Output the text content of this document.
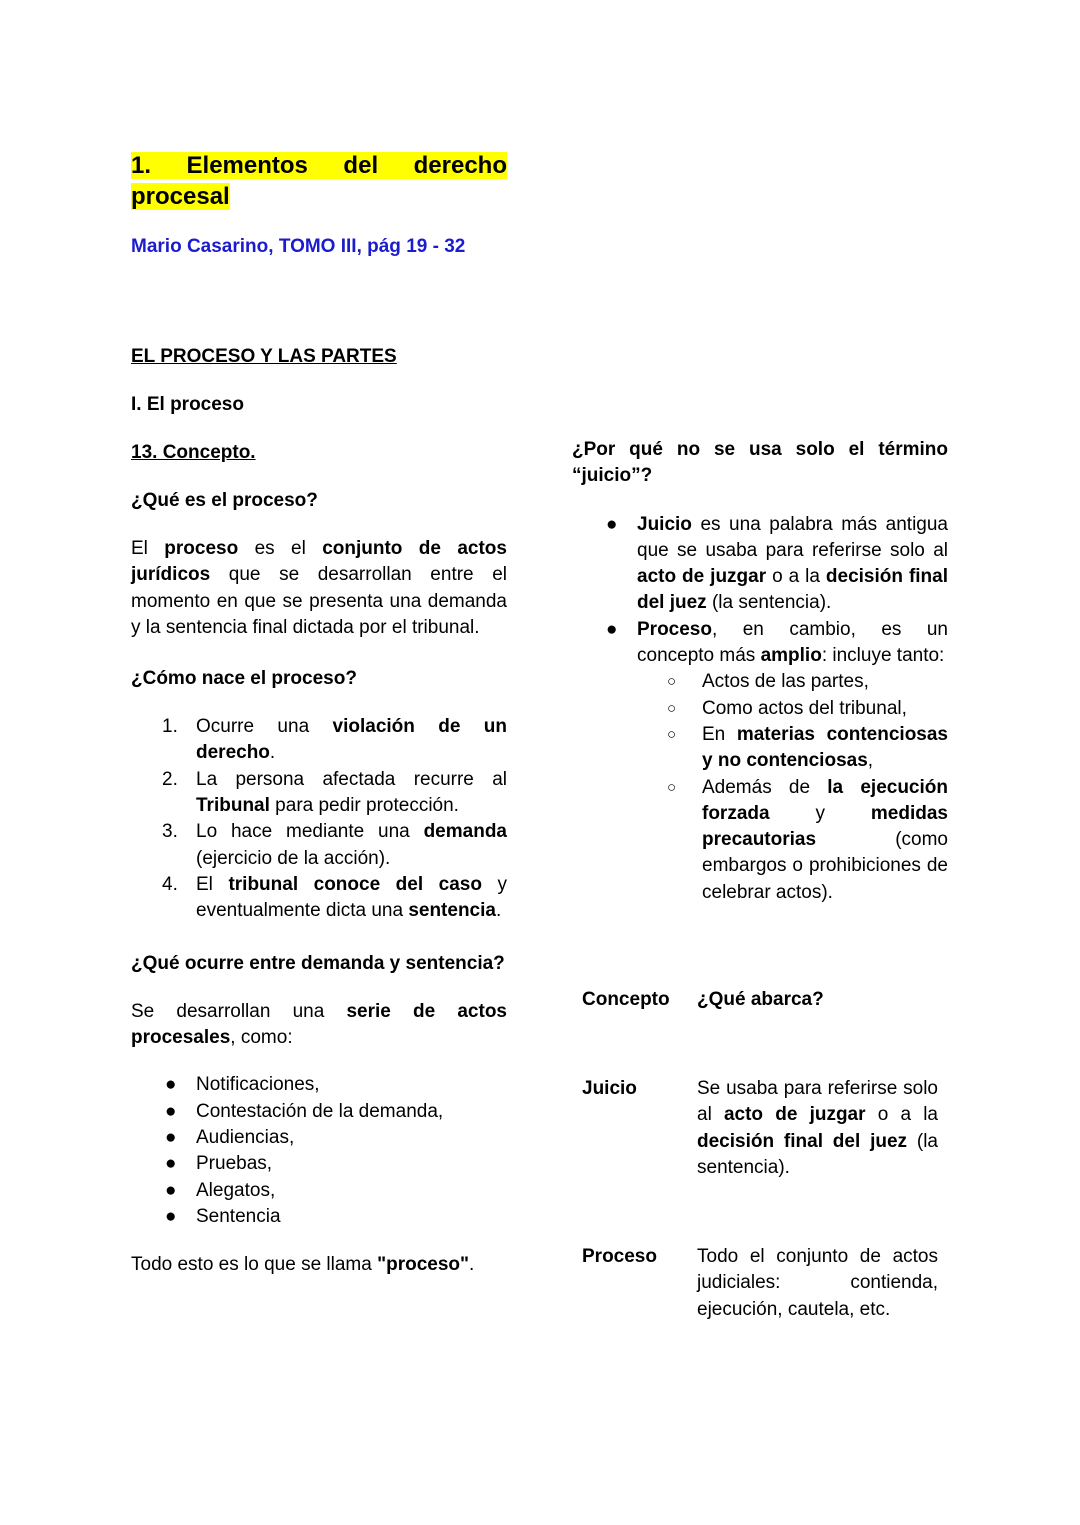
1. Elementos del derecho procesal
Mario Casarino, TOMO III, pág 19 - 32
EL PROCESO Y LAS PARTES
I. El proceso
13. Concepto.
¿Qué es el proceso?
El proceso es el conjunto de actos jurídicos que se desarrollan entre el momento en que se presenta una demanda y la sentencia final dictada por el tribunal.
¿Cómo nace el proceso?
1. Ocurre una violación de un derecho.
2. La persona afectada recurre al Tribunal para pedir protección.
3. Lo hace mediante una demanda (ejercicio de la acción).
4. El tribunal conoce del caso y eventualmente dicta una sentencia.
¿Qué ocurre entre demanda y sentencia?
Se desarrollan una serie de actos procesales, como:
● Notificaciones,
● Contestación de la demanda,
● Audiencias,
● Pruebas,
● Alegatos,
● Sentencia
Todo esto es lo que se llama "proceso".
¿Por qué no se usa solo el término “juicio”?
● Juicio es una palabra más antigua que se usaba para referirse solo al acto de juzgar o a la decisión final del juez (la sentencia).
● Proceso, en cambio, es un concepto más amplio: incluye tanto:
○ Actos de las partes,
○ Como actos del tribunal,
○ En materias contenciosas y no contenciosas,
○ Además de la ejecución forzada y medidas precautorias (como embargos o prohibiciones de celebrar actos).
Concepto ¿Qué abarca?
Juicio	Se usaba para referirse solo al acto de juzgar o a la decisión final del juez (la sentencia).
Proceso Todo el conjunto de actos judiciales: contienda, ejecución, cautela, etc.
